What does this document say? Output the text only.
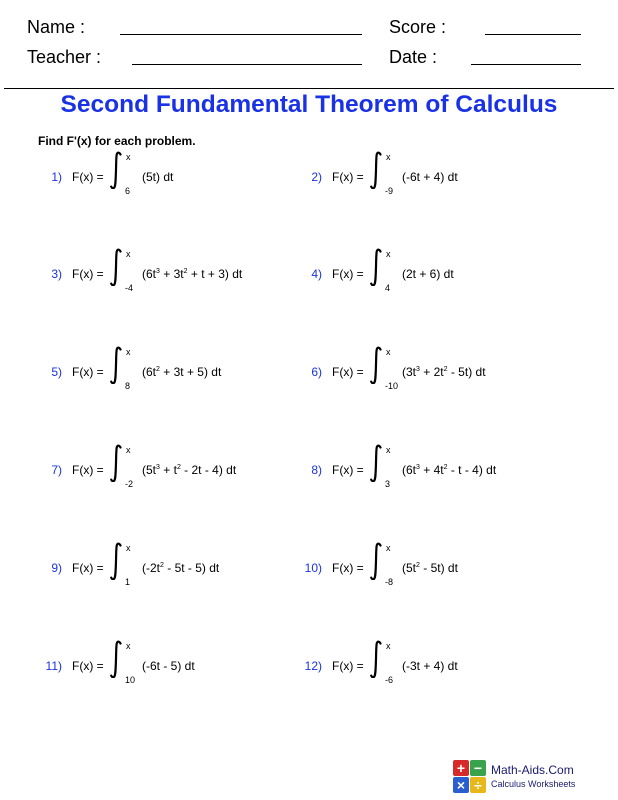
Name :	Score :
Teacher :	Date :
Second Fundamental Theorem of Calculus
Find F'(x) for each problem.
1) F(x) =
x
6
(5t) dt	2) F(x) =
x
-9
(-6t + 4) dt
3) F(x) =
x
-4
$(6t^3 + 3t^2 + t + 3)$ dt	4) F(x) =
x
4
(2t + 6) dt
5) F(x) =
x
8
$(6t^2 + 3t + 5)$ dt	6) F(x) =
x
-10
$(3t^3 + 2t^2 - 5t)$ dt
7) F(x) =
x
-2
$(5t^3 + t^2 - 2t - 4)$ dt	8) F(x) =
x
3
$(6t^3 + 4t^2 - t - 4)$ dt
9) F(x) =
x
1
$(-2t^2 - 5t - 5)$ dt	10) F(x) =
x
-8
$(5t^2 - 5t)$ dt
11) F(x) =
x
10
(-6t - 5) dt	12) F(x) =
x
-6
(-3t + 4) dt
+ −
× ÷
Math-Aids.Com
Calculus Worksheets
